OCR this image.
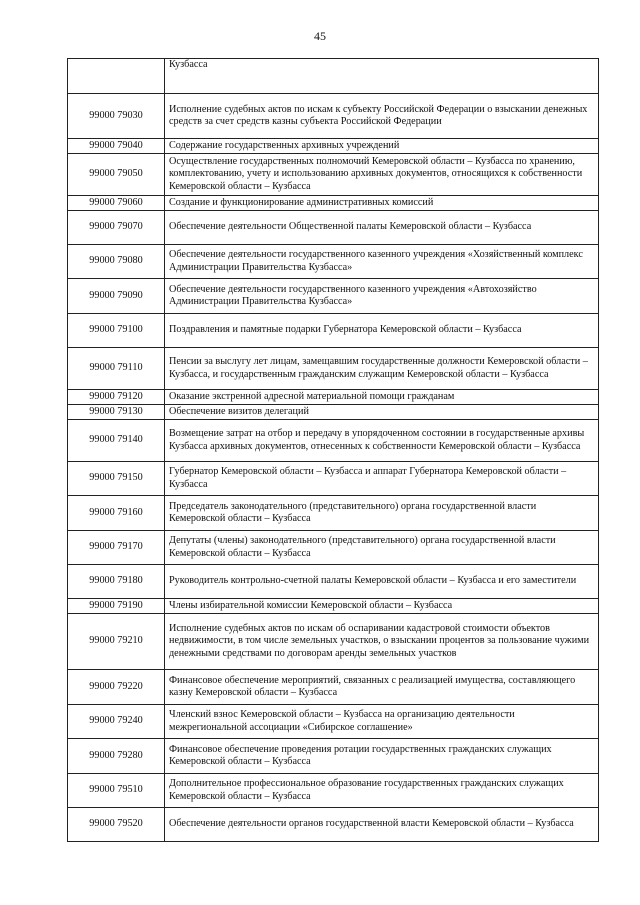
45
	Кузбасса
99000 79030	Исполнение судебных актов по искам к субъекту Российской Федерации о взыскании денежных средств за счет средств казны субъекта Российской Федерации
99000 79040	Содержание государственных архивных учреждений
99000 79050	Осуществление государственных полномочий Кемеровской области – Кузбасса по хранению, комплектованию, учету и использованию архивных документов, относящихся к собственности Кемеровской области – Кузбасса
99000 79060	Создание и функционирование административных комиссий
99000 79070	Обеспечение деятельности Общественной палаты Кемеровской области – Кузбасса
99000 79080	Обеспечение деятельности государственного казенного учреждения «Хозяйственный комплекс Администрации Правительства Кузбасса»
99000 79090	Обеспечение деятельности государственного казенного учреждения «Автохозяйство Администрации Правительства Кузбасса»
99000 79100	Поздравления и памятные подарки Губернатора Кемеровской области – Кузбасса
99000 79110	Пенсии за выслугу лет лицам, замещавшим государственные должности Кемеровской области – Кузбасса, и государственным гражданским служащим Кемеровской области – Кузбасса
99000 79120	Оказание экстренной адресной материальной помощи гражданам
99000 79130	Обеспечение визитов делегаций
99000 79140	Возмещение затрат на отбор и передачу в упорядоченном состоянии в государственные архивы Кузбасса архивных документов, отнесенных к собственности Кемеровской области – Кузбасса
99000 79150	Губернатор Кемеровской области – Кузбасса и аппарат Губернатора Кемеровской области – Кузбасса
99000 79160	Председатель законодательного (представительного) органа государственной власти Кемеровской области – Кузбасса
99000 79170	Депутаты (члены) законодательного (представительного) органа государственной власти Кемеровской области – Кузбасса
99000 79180	Руководитель контрольно-счетной палаты Кемеровской области – Кузбасса и его заместители
99000 79190	Члены избирательной комиссии Кемеровской области – Кузбасса
99000 79210	Исполнение судебных актов по искам об оспаривании кадастровой стоимости объектов недвижимости, в том числе земельных участков, о взыскании процентов за пользование чужими денежными средствами по договорам аренды земельных участков
99000 79220	Финансовое обеспечение мероприятий, связанных с реализацией имущества, составляющего казну Кемеровской области – Кузбасса
99000 79240	Членский взнос Кемеровской области – Кузбасса на организацию деятельности межрегиональной ассоциации «Сибирское соглашение»
99000 79280	Финансовое обеспечение проведения ротации государственных гражданских служащих Кемеровской области – Кузбасса
99000 79510	Дополнительное профессиональное образование государственных гражданских служащих Кемеровской области – Кузбасса
99000 79520	Обеспечение деятельности органов государственной власти Кемеровской области – Кузбасса
